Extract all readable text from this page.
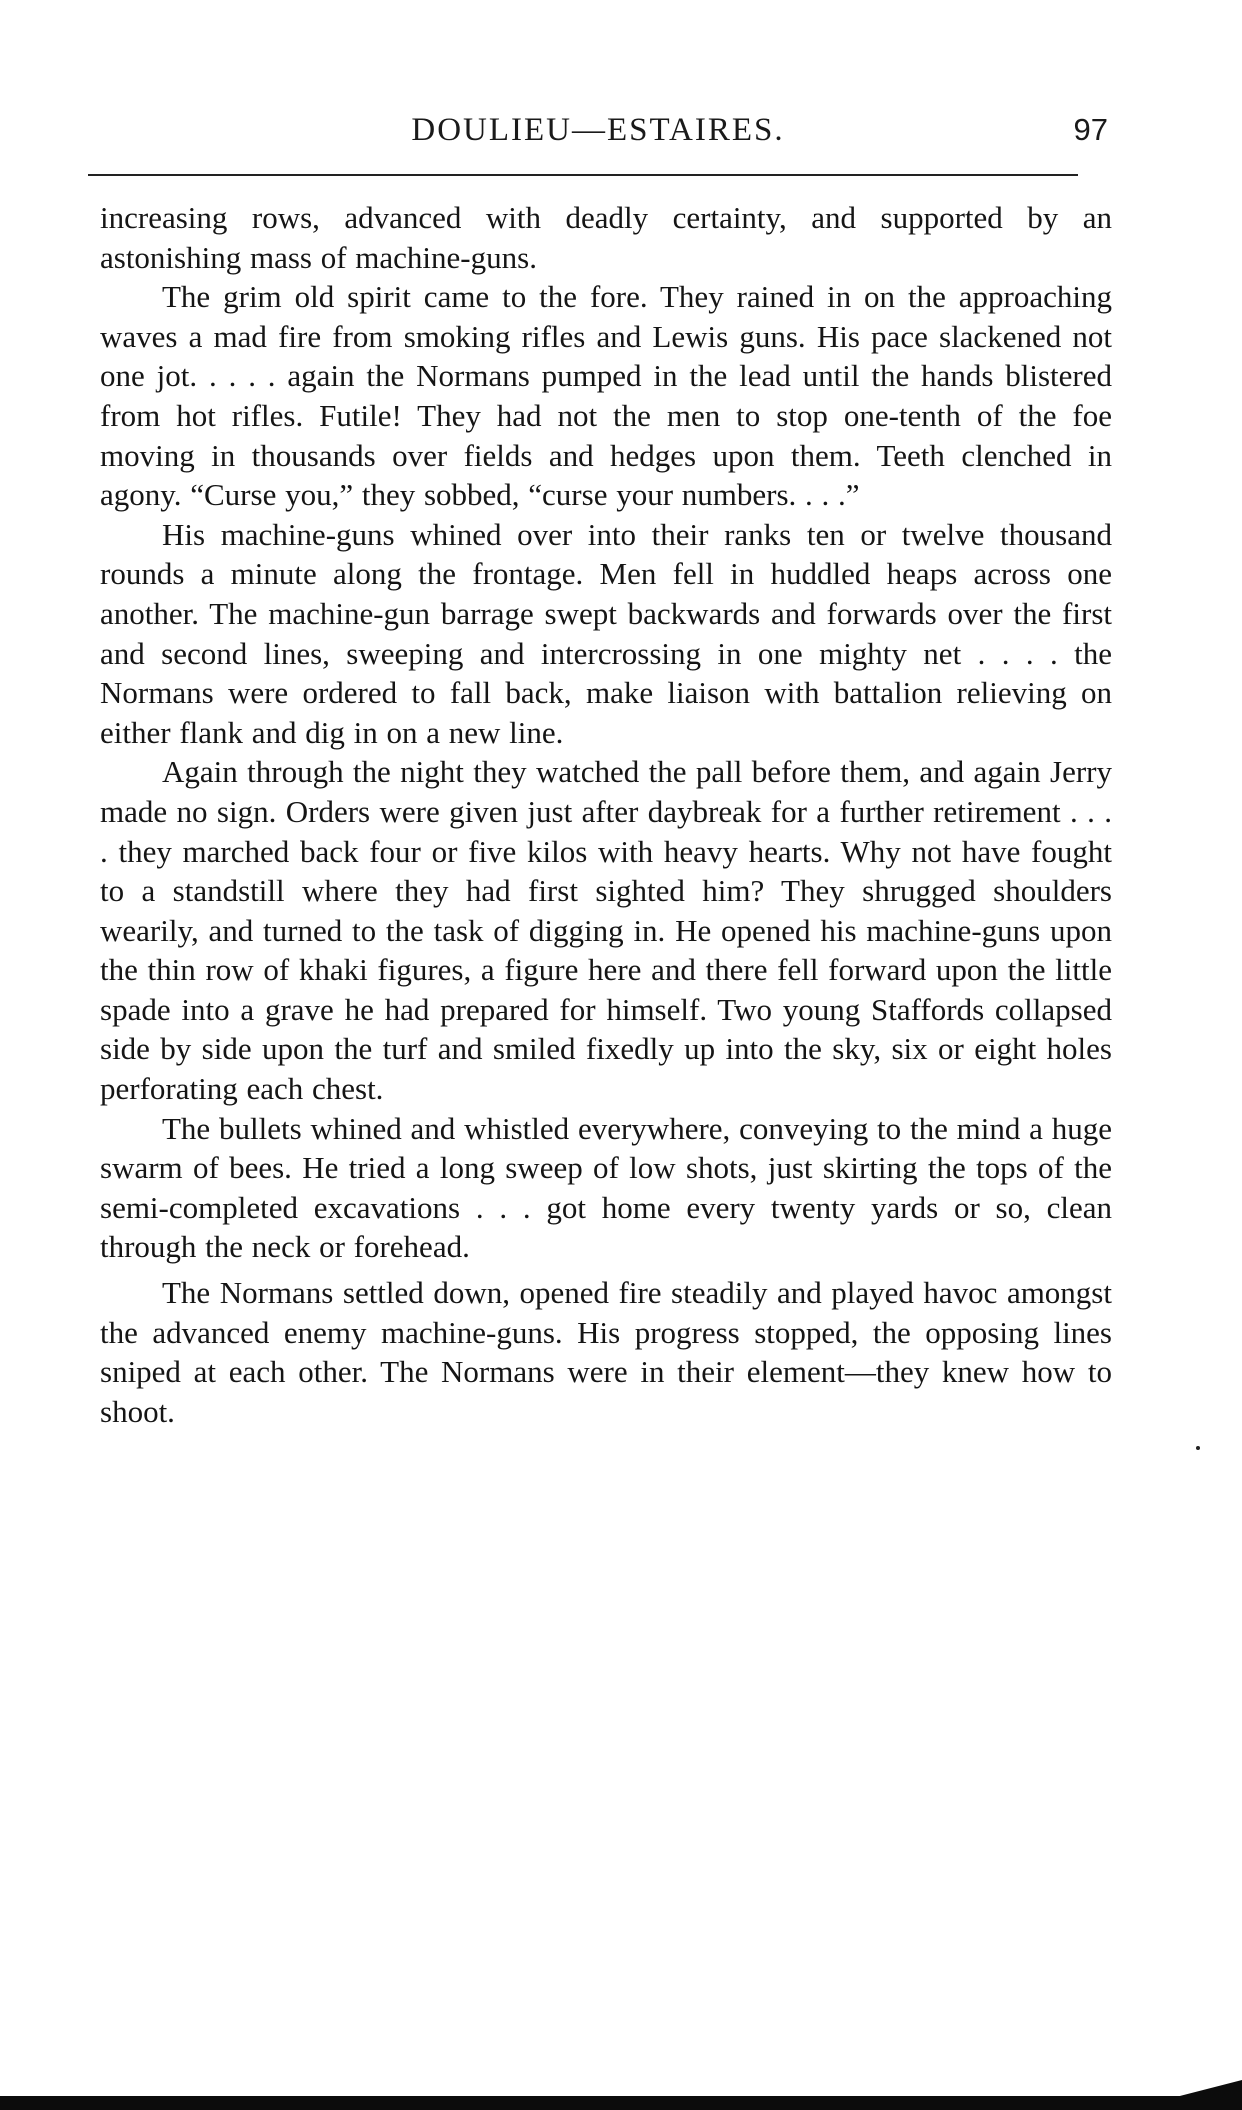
DOULIEU—ESTAIRES.	97

increasing rows, advanced with deadly certainty, and supported by an astonishing mass of machine-guns.

The grim old spirit came to the fore. They rained in on the approaching waves a mad fire from smoking rifles and Lewis guns. His pace slackened not one jot. . . . . again the Normans pumped in the lead until the hands blistered from hot rifles. Futile! They had not the men to stop one-tenth of the foe moving in thousands over fields and hedges upon them. Teeth clenched in agony. “Curse you,” they sobbed, “curse your numbers. . . .”

His machine-guns whined over into their ranks ten or twelve thousand rounds a minute along the frontage. Men fell in huddled heaps across one another. The machine-gun barrage swept backwards and forwards over the first and second lines, sweeping and intercrossing in one mighty net . . . . the Normans were ordered to fall back, make liaison with battalion relieving on either flank and dig in on a new line.

Again through the night they watched the pall before them, and again Jerry made no sign. Orders were given just after daybreak for a further retirement . . . . they marched back four or five kilos with heavy hearts. Why not have fought to a standstill where they had first sighted him? They shrugged shoulders wearily, and turned to the task of digging in. He opened his machine-guns upon the thin row of khaki figures, a figure here and there fell forward upon the little spade into a grave he had prepared for himself. Two young Staffords collapsed side by side upon the turf and smiled fixedly up into the sky, six or eight holes perforating each chest.

The bullets whined and whistled everywhere, conveying to the mind a huge swarm of bees. He tried a long sweep of low shots, just skirting the tops of the semi-completed excavations . . . got home every twenty yards or so, clean through the neck or forehead.

The Normans settled down, opened fire steadily and played havoc amongst the advanced enemy machine-guns. His progress stopped, the opposing lines sniped at each other. The Normans were in their element—they knew how to shoot.
